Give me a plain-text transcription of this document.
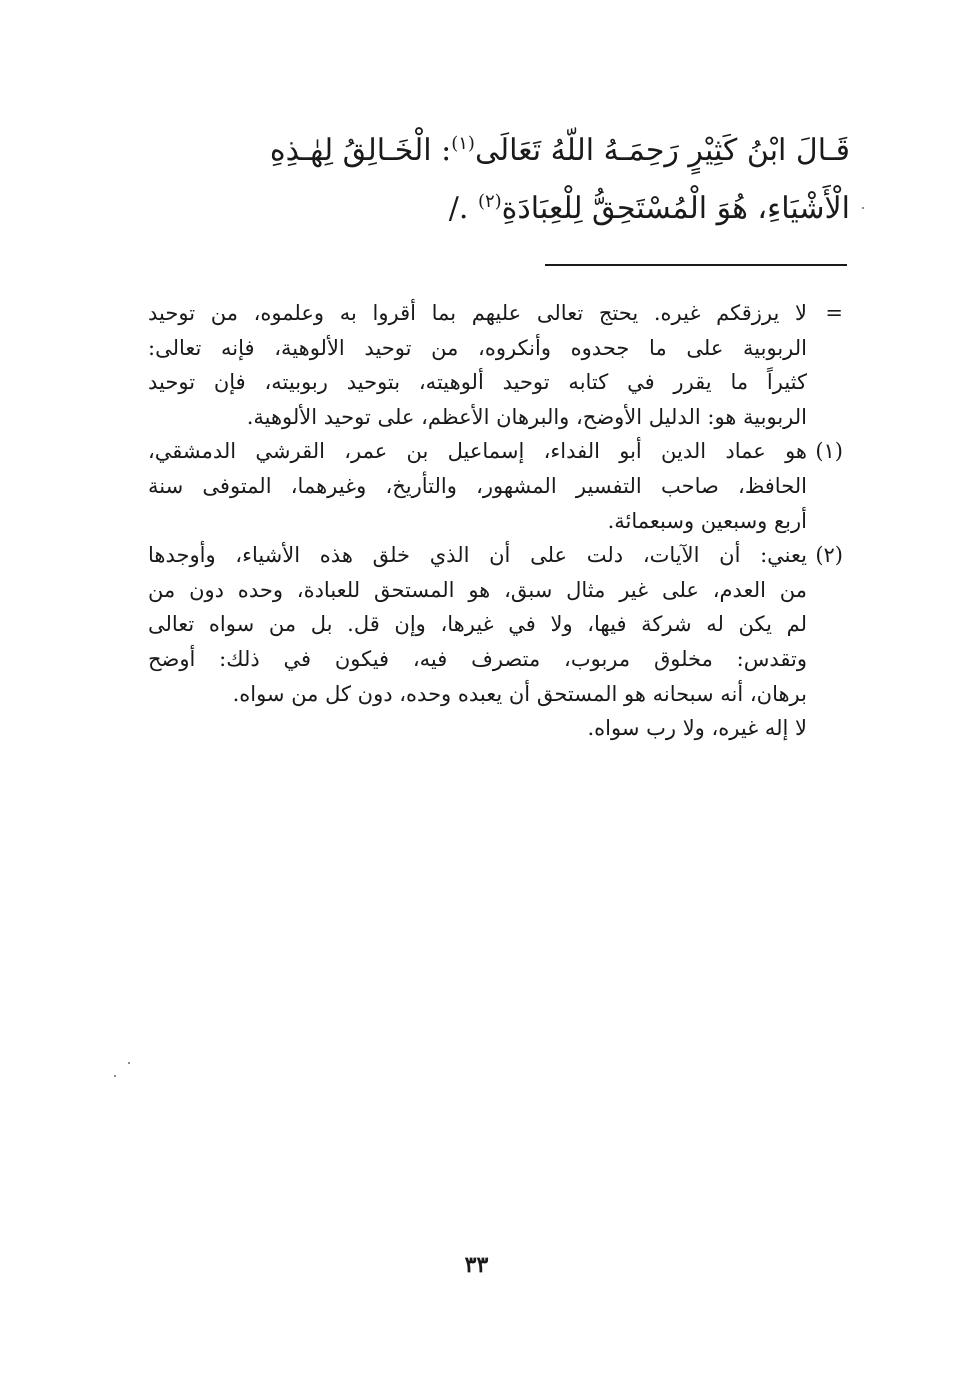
قَـالَ ابْنُ كَثِيْرٍ رَحِمَـهُ اللّهُ تَعَالَى$^{(١)}$: الْخَـالِقُ لِهٰـذِهِ
الْأَشْيَاءِ، هُوَ الْمُسْتَحِقُّ لِلْعِبَادَةِ$^{(٢)}$ ./
=
لا يرزقكم غيره. يحتج تعالى عليهم بما أقروا به وعلموه، من توحيد
الربوبية على ما جحدوه وأنكروه، من توحيد الألوهية، فإنه تعالى:
كثيراً ما يقرر في كتابه توحيد ألوهيته، بتوحيد ربوبيته، فإن توحيد
الربوبية هو: الدليل الأوضح، والبرهان الأعظم، على توحيد الألوهية.
(١)
هو عماد الدين أبو الفداء، إسماعيل بن عمر، القرشي الدمشقي،
الحافظ، صاحب التفسير المشهور، والتأريخ، وغيرهما، المتوفى سنة
أربع وسبعين وسبعمائة.
(٢)
يعني: أن الآيات، دلت على أن الذي خلق هذه الأشياء، وأوجدها
من العدم، على غير مثال سبق، هو المستحق للعبادة، وحده دون من
لم يكن له شركة فيها، ولا في غيرها، وإن قل. بل من سواه تعالى
وتقدس: مخلوق مربوب، متصرف فيه، فيكون في ذلك: أوضح
برهان، أنه سبحانه هو المستحق أن يعبده وحده، دون كل من سواه.
لا إله غيره، ولا رب سواه.
٣٣
